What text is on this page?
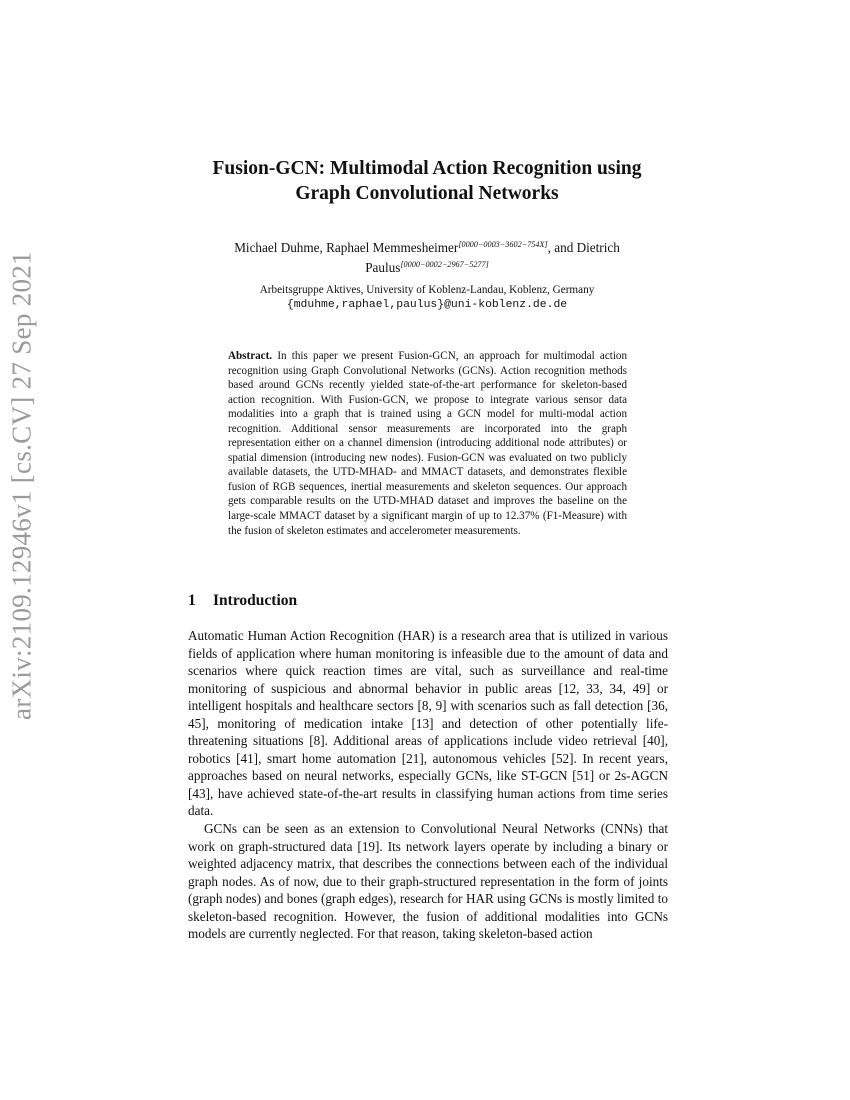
arXiv:2109.12946v1 [cs.CV] 27 Sep 2021
Fusion-GCN: Multimodal Action Recognition using
Graph Convolutional Networks
Michael Duhme, Raphael Memmesheimer[0000−0003−3602−754X], and Dietrich
Paulus[0000−0002−2967−5277]
Arbeitsgruppe Aktives, University of Koblenz-Landau, Koblenz, Germany
{mduhme,raphael,paulus}@uni-koblenz.de.de
Abstract. In this paper we present Fusion-GCN, an approach for multimodal action recognition using Graph Convolutional Networks (GCNs). Action recognition methods based around GCNs recently yielded state-of-the-art performance for skeleton-based action recognition. With Fusion-GCN, we propose to integrate various sensor data modalities into a graph that is trained using a GCN model for multi-modal action recognition. Additional sensor measurements are incorporated into the graph representation either on a channel dimension (introducing additional node attributes) or spatial dimension (introducing new nodes). Fusion-GCN was evaluated on two publicly available datasets, the UTD-MHAD- and MMACT datasets, and demonstrates flexible fusion of RGB sequences, inertial measurements and skeleton sequences. Our approach gets comparable results on the UTD-MHAD dataset and improves the baseline on the large-scale MMACT dataset by a significant margin of up to 12.37% (F1-Measure) with the fusion of skeleton estimates and accelerometer measurements.
1 Introduction

Automatic Human Action Recognition (HAR) is a research area that is utilized in various fields of application where human monitoring is infeasible due to the amount of data and scenarios where quick reaction times are vital, such as surveillance and real-time monitoring of suspicious and abnormal behavior in public areas [12, 33, 34, 49] or intelligent hospitals and healthcare sectors [8, 9] with scenarios such as fall detection [36, 45], monitoring of medication intake [13] and detection of other potentially life-threatening situations [8]. Additional areas of applications include video retrieval [40], robotics [41], smart home automation [21], autonomous vehicles [52]. In recent years, approaches based on neural networks, especially GCNs, like ST-GCN [51] or 2s-AGCN [43], have achieved state-of-the-art results in classifying human actions from time series data.

GCNs can be seen as an extension to Convolutional Neural Networks (CNNs) that work on graph-structured data [19]. Its network layers operate by including a binary or weighted adjacency matrix, that describes the connections between each of the individual graph nodes. As of now, due to their graph-structured representation in the form of joints (graph nodes) and bones (graph edges), research for HAR using GCNs is mostly limited to skeleton-based recognition. However, the fusion of additional modalities into GCNs models are currently neglected. For that reason, taking skeleton-based action
